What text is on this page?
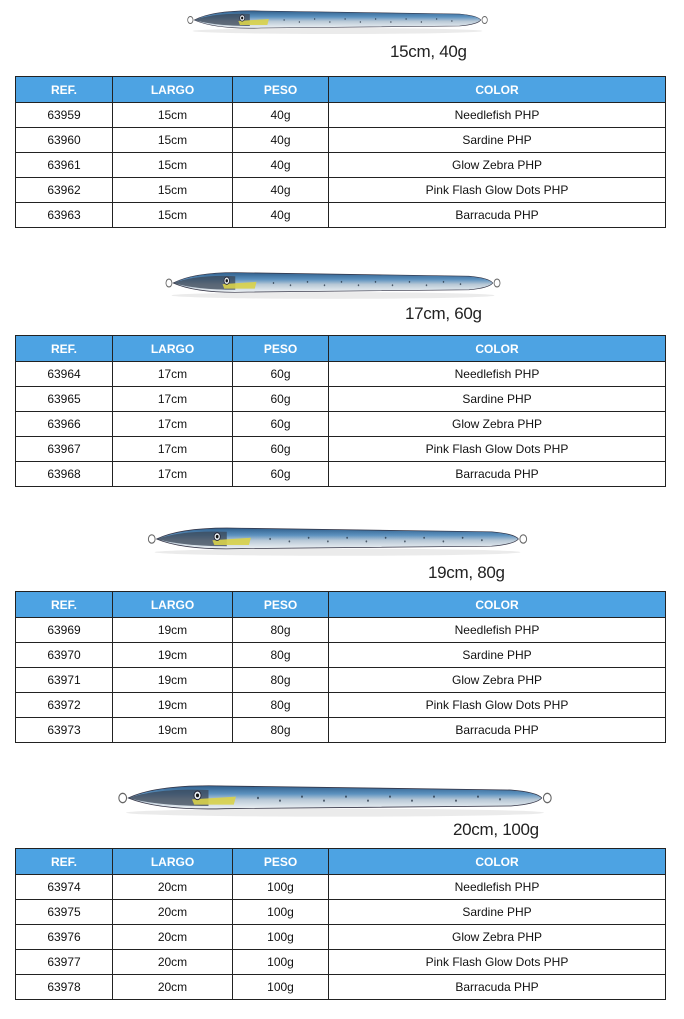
15cm, 40g
REF.	LARGO	PESO	COLOR
63959	15cm	40g	Needlefish PHP
63960	15cm	40g	Sardine PHP
63961	15cm	40g	Glow Zebra PHP
63962	15cm	40g	Pink Flash Glow Dots PHP
63963	15cm	40g	Barracuda PHP
17cm, 60g
REF.	LARGO	PESO	COLOR
63964	17cm	60g	Needlefish PHP
63965	17cm	60g	Sardine PHP
63966	17cm	60g	Glow Zebra PHP
63967	17cm	60g	Pink Flash Glow Dots PHP
63968	17cm	60g	Barracuda PHP
19cm, 80g
REF.	LARGO	PESO	COLOR
63969	19cm	80g	Needlefish PHP
63970	19cm	80g	Sardine PHP
63971	19cm	80g	Glow Zebra PHP
63972	19cm	80g	Pink Flash Glow Dots PHP
63973	19cm	80g	Barracuda PHP
20cm, 100g
REF.	LARGO	PESO	COLOR
63974	20cm	100g	Needlefish PHP
63975	20cm	100g	Sardine PHP
63976	20cm	100g	Glow Zebra PHP
63977	20cm	100g	Pink Flash Glow Dots PHP
63978	20cm	100g	Barracuda PHP
